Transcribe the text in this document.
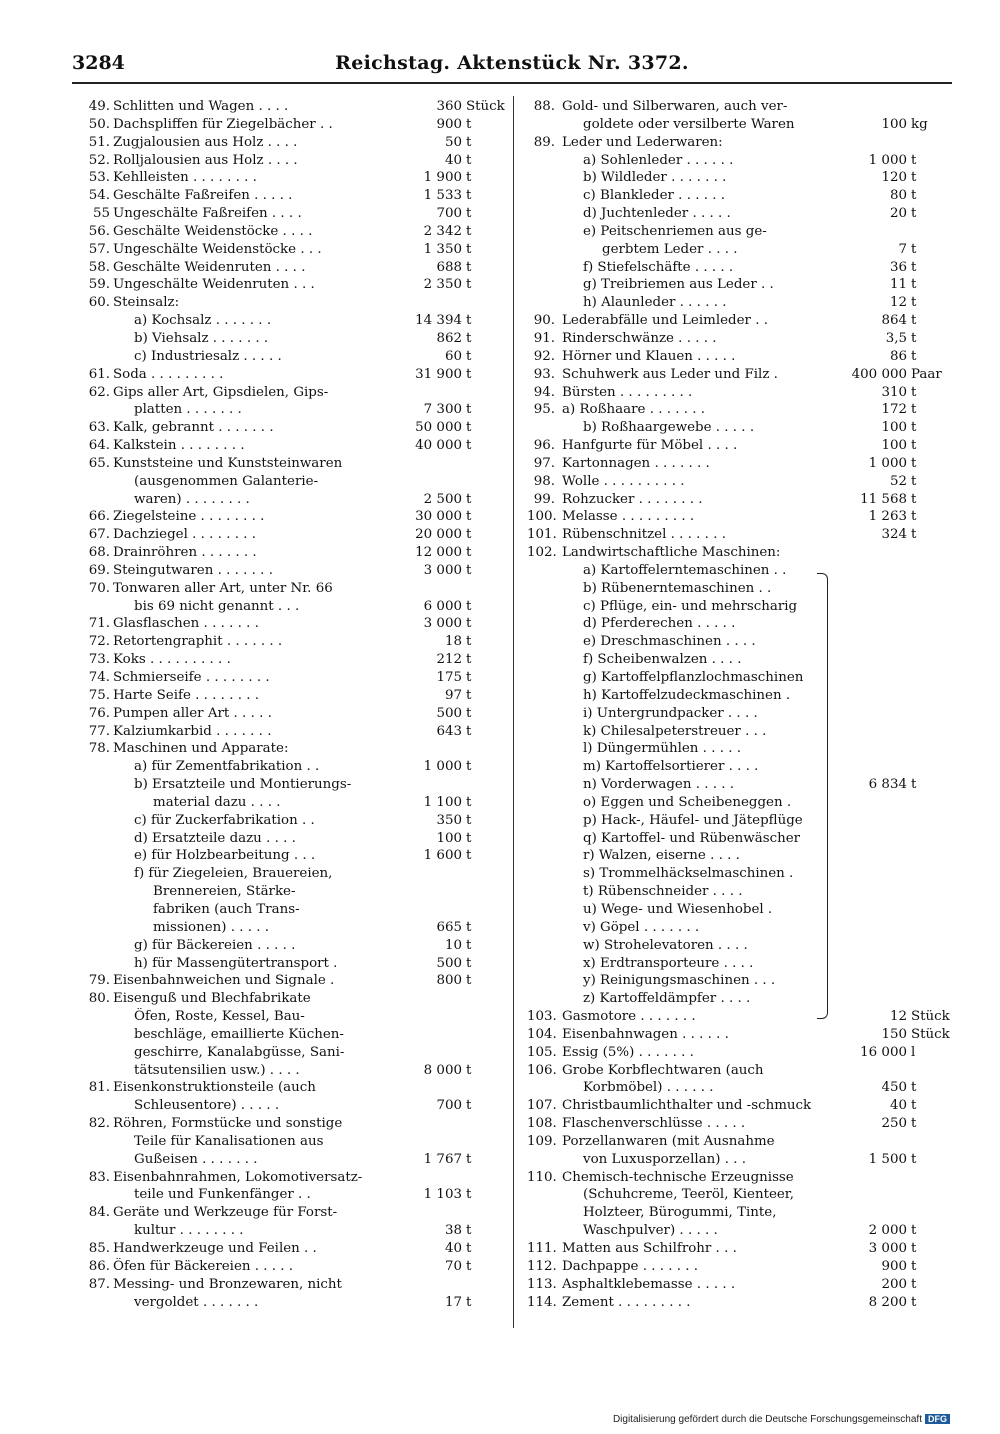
3284	Reichstag. Aktenstück Nr. 3372.
49. Schlitten und Wagen . . . .	360 Stück
50. Dachspliffen für Ziegelbächer . .	900 t
51. Zugjalousien aus Holz . . . .	50 t
52. Rolljalousien aus Holz . . . .	40 t
53. Kehlleisten . . . . . . . .	1 900 t
54. Geschälte Faßreifen . . . . .	1 533 t
55 Ungeschälte Faßreifen . . . .	700 t
56. Geschälte Weidenstöcke . . . .	2 342 t
57. Ungeschälte Weidenstöcke . . .	1 350 t
58. Geschälte Weidenruten . . . .	688 t
59. Ungeschälte Weidenruten . . .	2 350 t
60. Steinsalz:
a) Kochsalz . . . . . . .	14 394 t
b) Viehsalz . . . . . . .	862 t
c) Industriesalz . . . . .	60 t
61. Soda . . . . . . . . .	31 900 t
62. Gips aller Art, Gipsdielen, Gips-
platten . . . . . . .	7 300 t
63. Kalk, gebrannt . . . . . . .	50 000 t
64. Kalkstein . . . . . . . .	40 000 t
65. Kunststeine und Kunststeinwaren
(ausgenommen Galanterie-
waren) . . . . . . . .	2 500 t
66. Ziegelsteine . . . . . . . .	30 000 t
67. Dachziegel . . . . . . . .	20 000 t
68. Drainröhren . . . . . . .	12 000 t
69. Steingutwaren . . . . . . .	3 000 t
70. Tonwaren aller Art, unter Nr. 66
bis 69 nicht genannt . . .	6 000 t
71. Glasflaschen . . . . . . .	3 000 t
72. Retortengraphit . . . . . . .	18 t
73. Koks . . . . . . . . . .	212 t
74. Schmierseife . . . . . . . .	175 t
75. Harte Seife . . . . . . . .	97 t
76. Pumpen aller Art . . . . .	500 t
77. Kalziumkarbid . . . . . . .	643 t
78. Maschinen und Apparate:
a) für Zementfabrikation . .	1 000 t
b) Ersatzteile und Montierungs-
material dazu . . . .	1 100 t
c) für Zuckerfabrikation . .	350 t
d) Ersatzteile dazu . . . .	100 t
e) für Holzbearbeitung . . .	1 600 t
f) für Ziegeleien, Brauereien,
Brennereien, Stärke-
fabriken (auch Trans-
missionen) . . . . .	665 t
g) für Bäckereien . . . . .	10 t
h) für Massengütertransport .	500 t
79. Eisenbahnweichen und Signale .	800 t
80. Eisenguß und Blechfabrikate
Öfen, Roste, Kessel, Bau-
beschläge, emaillierte Küchen-
geschirre, Kanalabgüsse, Sani-
tätsutensilien usw.) . . . .	8 000 t
81. Eisenkonstruktionsteile (auch
Schleusentore) . . . . .	700 t
82. Röhren, Formstücke und sonstige
Teile für Kanalisationen aus
Gußeisen . . . . . . .	1 767 t
83. Eisenbahnrahmen, Lokomotiversatz-
teile und Funkenfänger . .	1 103 t
84. Geräte und Werkzeuge für Forst-
kultur . . . . . . . .	38 t
85. Handwerkzeuge und Feilen . .	40 t
86. Öfen für Bäckereien . . . . .	70 t
87. Messing- und Bronzewaren, nicht
vergoldet . . . . . . .	17 t
88. Gold- und Silberwaren, auch ver-
goldete oder versilberte Waren	100 kg
89. Leder und Lederwaren:
a) Sohlenleder . . . . . .	1 000 t
b) Wildleder . . . . . . .	120 t
c) Blankleder . . . . . .	80 t
d) Juchtenleder . . . . .	20 t
e) Peitschenriemen aus ge-
gerbtem Leder . . . .	7 t
f) Stiefelschäfte . . . . .	36 t
g) Treibriemen aus Leder . .	11 t
h) Alaunleder . . . . . .	12 t
90. Lederabfälle und Leimleder . .	864 t
91. Rinderschwänze . . . . .	3,5 t
92. Hörner und Klauen . . . . .	86 t
93. Schuhwerk aus Leder und Filz .	400 000 Paar
94. Bürsten . . . . . . . . .	310 t
95. a) Roßhaare . . . . . . .	172 t
b) Roßhaargewebe . . . . .	100 t
96. Hanfgurte für Möbel . . . .	100 t
97. Kartonnagen . . . . . . .	1 000 t
98. Wolle . . . . . . . . . .	52 t
99. Rohzucker . . . . . . . .	11 568 t
100. Melasse . . . . . . . . .	1 263 t
101. Rübenschnitzel . . . . . . .	324 t
102. Landwirtschaftliche Maschinen:
a) Kartoffelerntemaschinen . .
b) Rübenerntemaschinen . .
c) Pflüge, ein- und mehrscharig
d) Pferderechen . . . . .
e) Dreschmaschinen . . . .
f) Scheibenwalzen . . . .
g) Kartoffelpflanzlochmaschinen
h) Kartoffelzudeckmaschinen .
i) Untergrundpacker . . . .
k) Chilesalpeterstreuer . . .
l) Düngermühlen . . . . .
m) Kartoffelsortierer . . . .
n) Vorderwagen . . . . .	6 834 t
o) Eggen und Scheibeneggen .
p) Hack-, Häufel- und Jätepflüge
q) Kartoffel- und Rübenwäscher
r) Walzen, eiserne . . . .
s) Trommelhäckselmaschinen .
t) Rübenschneider . . . .
u) Wege- und Wiesenhobel .
v) Göpel . . . . . . .
w) Strohelevatoren . . . .
x) Erdtransporteure . . . .
y) Reinigungsmaschinen . . .
z) Kartoffeldämpfer . . . .
103. Gasmotore . . . . . . .	12 Stück
104. Eisenbahnwagen . . . . . .	150 Stück
105. Essig (5%) . . . . . . .	16 000 l
106. Grobe Korbflechtwaren (auch
Korbmöbel) . . . . . .	450 t
107. Christbaumlichthalter und -schmuck	40 t
108. Flaschenverschlüsse . . . . .	250 t
109. Porzellanwaren (mit Ausnahme
von Luxusporzellan) . . .	1 500 t
110. Chemisch-technische Erzeugnisse
(Schuhcreme, Teeröl, Kienteer,
Holzteer, Bürogummi, Tinte,
Waschpulver) . . . . .	2 000 t
111. Matten aus Schilfrohr . . .	3 000 t
112. Dachpappe . . . . . . .	900 t
113. Asphaltklebemasse . . . . .	200 t
114. Zement . . . . . . . . .	8 200 t
Digitalisierung gefördert durch die Deutsche Forschungsgemeinschaft DFG
